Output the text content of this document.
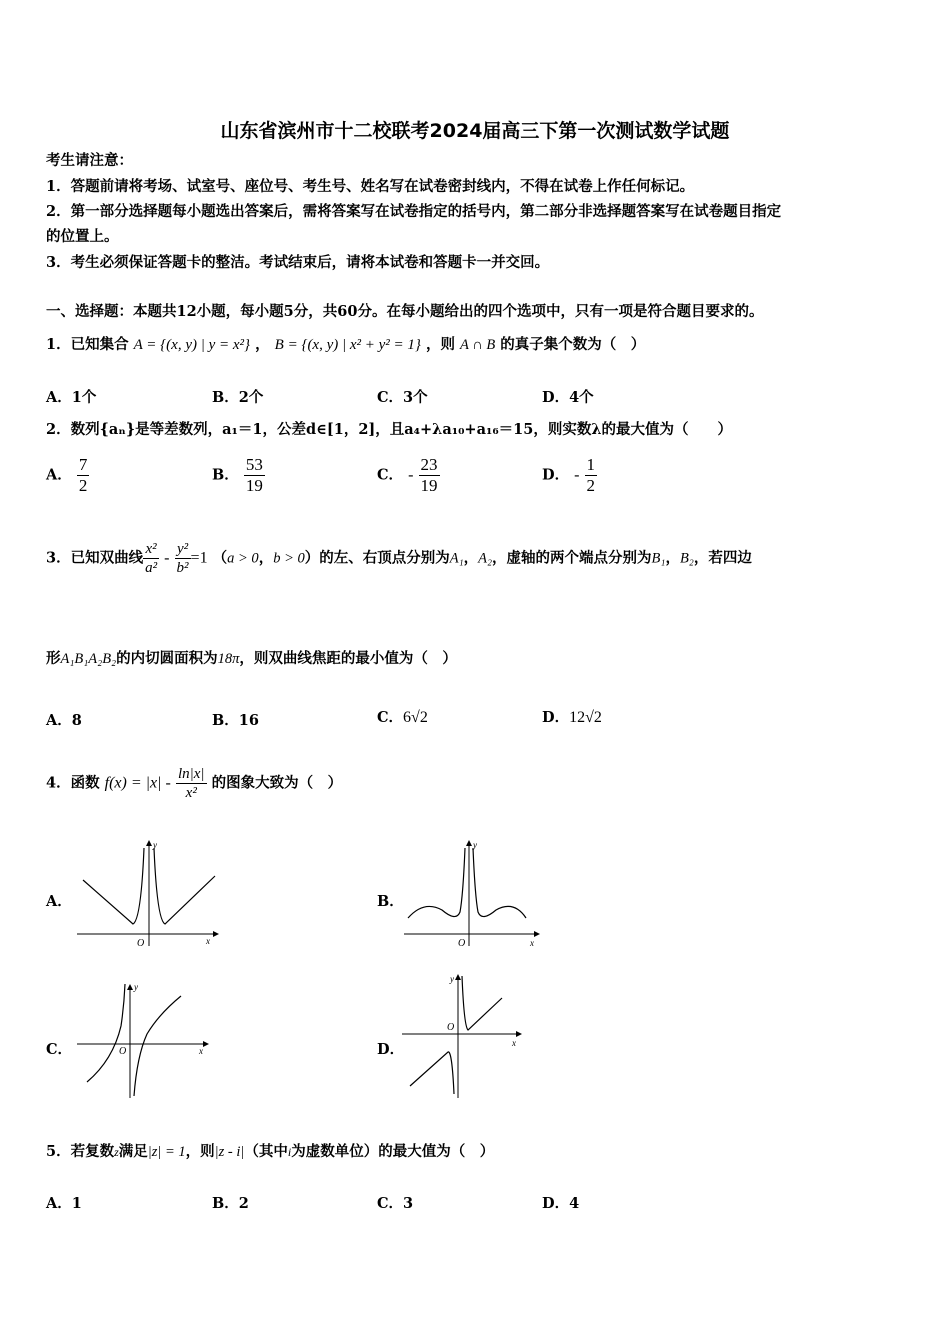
山东省滨州市十二校联考2024届高三下第一次测试数学试题
考生请注意：
1．答题前请将考场、试室号、座位号、考生号、姓名写在试卷密封线内，不得在试卷上作任何标记。
2．第一部分选择题每小题选出答案后，需将答案写在试卷指定的括号内，第二部分非选择题答案写在试卷题目指定
的位置上。
3．考生必须保证答题卡的整洁。考试结束后，请将本试卷和答题卡一并交回。
一、选择题：本题共12小题，每小题5分，共60分。在每小题给出的四个选项中，只有一项是符合题目要求的。
1．已知集合 A = {(x, y) | y = x²} ， B = {(x, y) | x² + y² = 1} ，则 A ∩ B 的真子集个数为（　）
A．1个	B．2个	C．3个	D．4个
2．数列{aₙ}是等差数列，a₁＝1，公差d∈[1，2]，且a₄+λa₁₀+a₁₆＝15，则实数λ的最大值为（　　）
A． $\frac{7}{2}$	B． $\frac{53}{19}$	C． - $\frac{23}{19}$	D． - $\frac{1}{2}$
3．已知双曲线 $\frac{\text{x²}}{\text{a²}} - \frac{\text{y²}}{\text{b²}} =1$ （a > 0，b > 0）的左、右顶点分别为A₁，A₂，虚轴的两个端点分别为B₁，B₂，若四边
形A₁B₁A₂B₂的内切圆面积为18π，则双曲线焦距的最小值为（　）
A．8	B．16	C．6√2	D．12√2
4．函数 $f(x) = |x| - \frac{\ln|x|}{\text{x²}}$ 的图象大致为（　）
A．	B．
C．	D．
y
x
O
y
x
O
y
x
O
y
x
O
5．若复数z满足|z| = 1，则|z - i|（其中i为虚数单位）的最大值为（　）
A．1	B．2	C．3	D．4
